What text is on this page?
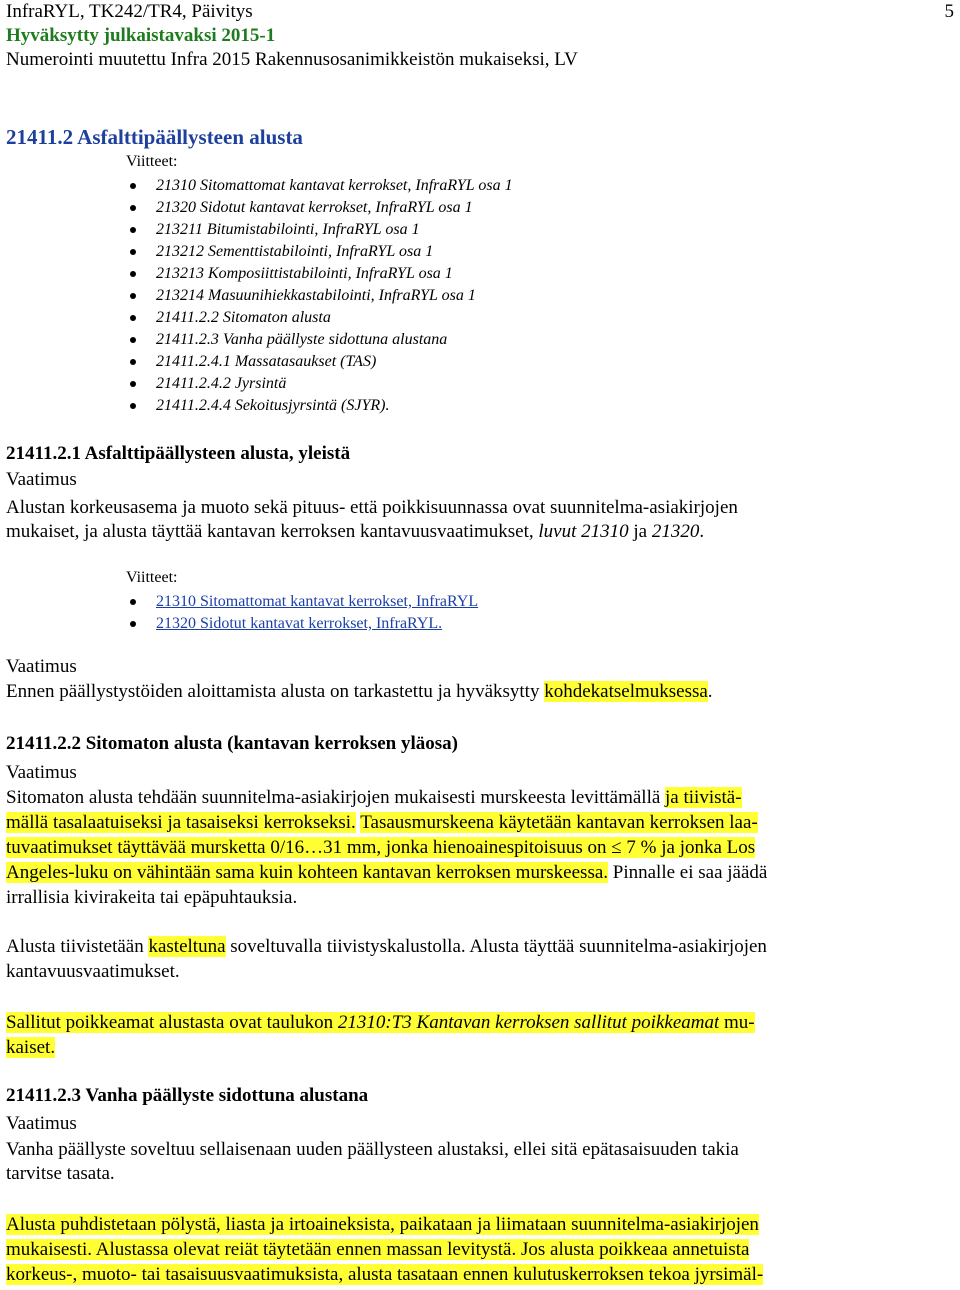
InfraRYL, TK242/TR4, Päivitys
Hyväksytty julkaistavaksi 2015-1
Numerointi muutettu Infra 2015 Rakennusosanimikkeistön mukaiseksi, LV
21411.2 Asfalttipäällysteen alusta
Viitteet:
21310 Sitomattomat kantavat kerrokset, InfraRYL osa 1
21320 Sidotut kantavat kerrokset, InfraRYL osa 1
213211 Bitumistabilointi, InfraRYL osa 1
213212 Sementtistabilointi, InfraRYL osa 1
213213 Komposiittistabilointi, InfraRYL osa 1
213214 Masuunihiekkastabilointi, InfraRYL osa 1
21411.2.2 Sitomaton alusta
21411.2.3 Vanha päällyste sidottuna alustana
21411.2.4.1 Massatasaukset (TAS)
21411.2.4.2 Jyrsintä
21411.2.4.4 Sekoitusjyrsintä (SJYR).
21411.2.1 Asfalttipäällysteen alusta, yleistä
Vaatimus
Alustan korkeusasema ja muoto sekä pituus- että poikkisuunnassa ovat suunnitelma-asiakirjojen
mukaiset, ja alusta täyttää kantavan kerroksen kantavuusvaatimukset, luvut 21310 ja 21320.
Viitteet:
21310 Sitomattomat kantavat kerrokset, InfraRYL
21320 Sidotut kantavat kerrokset, InfraRYL.
Vaatimus
Ennen päällystystöiden aloittamista alusta on tarkastettu ja hyväksytty kohdekatselmuksessa.
21411.2.2 Sitomaton alusta (kantavan kerroksen yläosa)
Vaatimus
Sitomaton alusta tehdään suunnitelma-asiakirjojen mukaisesti murskeesta levittämällä ja tiivistä-
mällä tasalaatuiseksi ja tasaiseksi kerrokseksi. Tasausmurskeena käytetään kantavan kerroksen laa-
tuvaatimukset täyttävää mursketta 0/16…31 mm, jonka hienoainespitoisuus on ≤ 7 % ja jonka Los
Angeles-luku on vähintään sama kuin kohteen kantavan kerroksen murskeessa. Pinnalle ei saa jäädä
irrallisia kivirakeita tai epäpuhtauksia.
Alusta tiivistetään kasteltuna soveltuvalla tiivistyskalustolla. Alusta täyttää suunnitelma-asiakirjojen
kantavuusvaatimukset.
Sallitut poikkeamat alustasta ovat taulukon 21310:T3 Kantavan kerroksen sallitut poikkeamat mu-
kaiset.
21411.2.3 Vanha päällyste sidottuna alustana
Vaatimus
Vanha päällyste soveltuu sellaisenaan uuden päällysteen alustaksi, ellei sitä epätasaisuuden takia
tarvitse tasata.
Alusta puhdistetaan pölystä, liasta ja irtoaineksista, paikataan ja liimataan suunnitelma-asiakirjojen
mukaisesti. Alustassa olevat reiät täytetään ennen massan levitystä. Jos alusta poikkeaa annetuista
korkeus-, muoto- tai tasaisuusvaatimuksista, alusta tasataan ennen kulutuskerroksen tekoa jyrsimäl-
5
